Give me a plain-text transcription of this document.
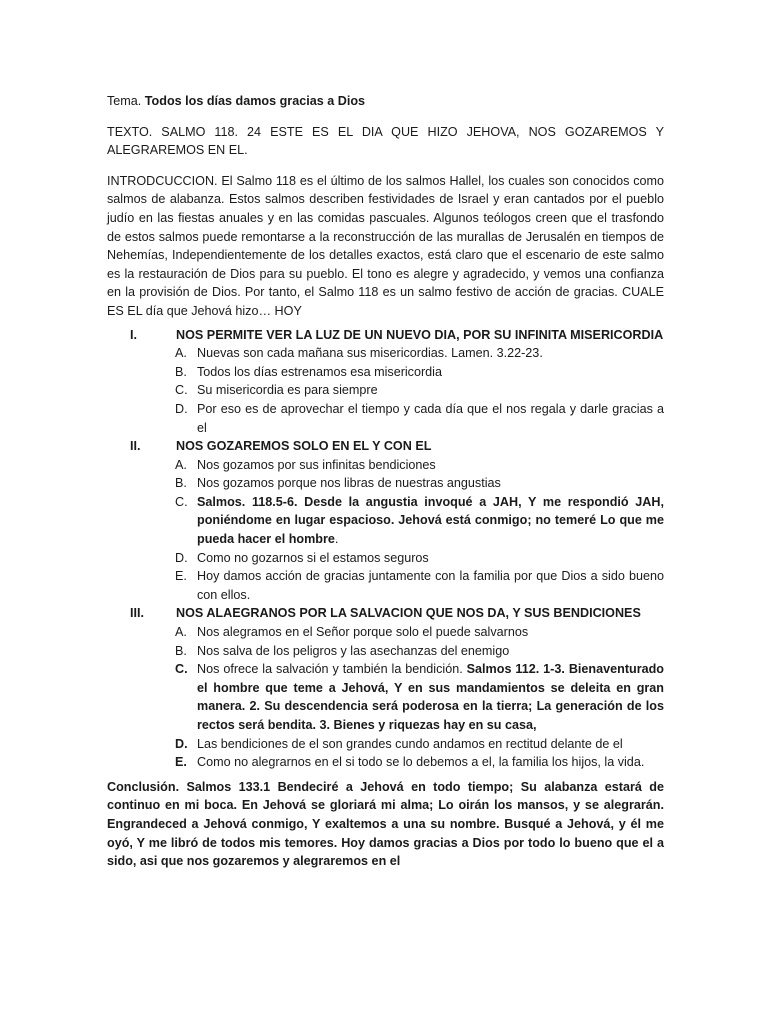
Tema. Todos los días damos gracias a Dios

TEXTO. SALMO 118. 24 ESTE ES EL DIA QUE HIZO JEHOVA, NOS GOZAREMOS Y ALEGRAREMOS EN EL.

INTRODCUCCION. El Salmo 118 es el último de los salmos Hallel, los cuales son conocidos como salmos de alabanza. Estos salmos describen festividades de Israel y eran cantados por el pueblo judío en las fiestas anuales y en las comidas pascuales. Algunos teólogos creen que el trasfondo de estos salmos puede remontarse a la reconstrucción de las murallas de Jerusalén en tiempos de Nehemías, Independientemente de los detalles exactos, está claro que el escenario de este salmo es la restauración de Dios para su pueblo. El tono es alegre y agradecido, y vemos una confianza en la provisión de Dios. Por tanto, el Salmo 118 es un salmo festivo de acción de gracias. CUALE ES EL día que Jehová hizo… HOY

I.	NOS PERMITE VER LA LUZ DE UN NUEVO DIA, POR SU INFINITA MISERICORDIA
A. Nuevas son cada mañana sus misericordias. Lamen. 3.22-23.
B. Todos los días estrenamos esa misericordia
C. Su misericordia es para siempre
D. Por eso es de aprovechar el tiempo y cada día que el nos regala y darle gracias a el
II.	NOS GOZAREMOS SOLO EN EL Y CON EL
A. Nos gozamos por sus infinitas bendiciones
B. Nos gozamos porque nos libras de nuestras angustias
C. Salmos. 118.5-6. Desde la angustia invoqué a JAH, Y me respondió JAH, poniéndome en lugar espacioso. Jehová está conmigo; no temeré Lo que me pueda hacer el hombre.
D. Como no gozarnos si el estamos seguros
E. Hoy damos acción de gracias juntamente con la familia por que Dios a sido bueno con ellos.
III.	NOS ALAEGRANOS POR LA SALVACION QUE NOS DA, Y SUS BENDICIONES
A. Nos alegramos en el Señor porque solo el puede salvarnos
B. Nos salva de los peligros y las asechanzas del enemigo
C. Nos ofrece la salvación y también la bendición. Salmos 112. 1-3. Bienaventurado el hombre que teme a Jehová, Y en sus mandamientos se deleita en gran manera. 2. Su descendencia será poderosa en la tierra; La generación de los rectos será bendita. 3. Bienes y riquezas hay en su casa,
D. Las bendiciones de el son grandes cundo andamos en rectitud delante de el
E. Como no alegrarnos en el si todo se lo debemos a el, la familia los hijos, la vida.

Conclusión. Salmos 133.1 Bendeciré a Jehová en todo tiempo; Su alabanza estará de continuo en mi boca. En Jehová se gloriará mi alma; Lo oirán los mansos, y se alegrarán. Engrandeced a Jehová conmigo, Y exaltemos a una su nombre. Busqué a Jehová, y él me oyó, Y me libró de todos mis temores. Hoy damos gracias a Dios por todo lo bueno que el a sido, asi que nos gozaremos y alegraremos en el
